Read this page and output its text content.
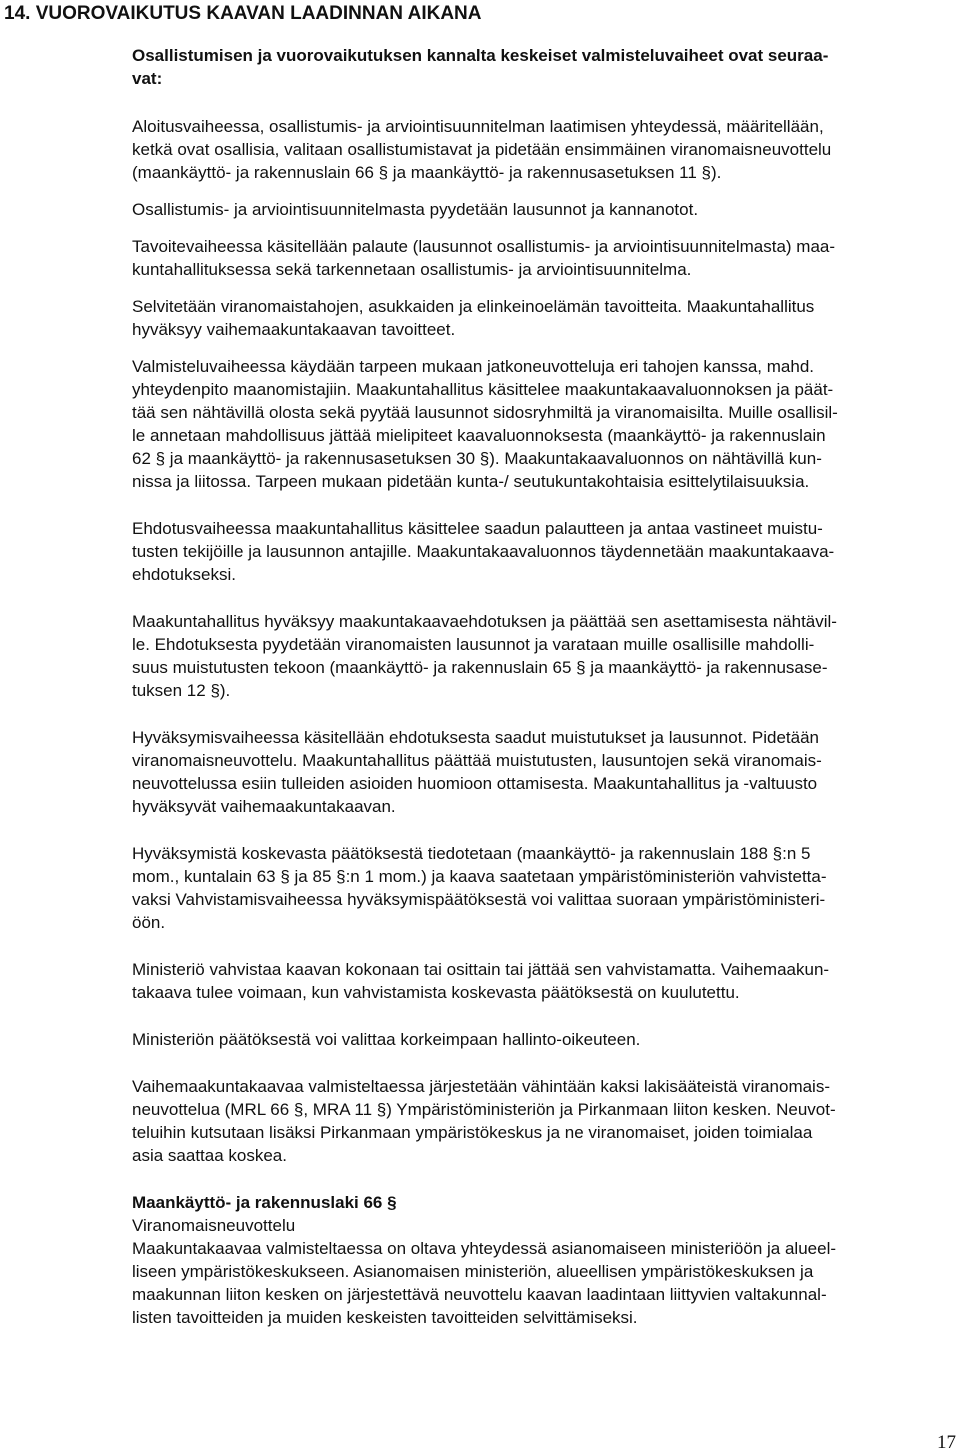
14. VUOROVAIKUTUS KAAVAN LAADINNAN AIKANA
Osallistumisen ja vuorovaikutuksen kannalta keskeiset valmisteluvaiheet ovat seuraa-
vat:

Aloitusvaiheessa, osallistumis- ja arviointisuunnitelman laatimisen yhteydessä, määritellään,
ketkä ovat osallisia, valitaan osallistumistavat ja pidetään ensimmäinen viranomaisneuvottelu
(maankäyttö- ja rakennuslain 66 § ja maankäyttö- ja rakennusasetuksen 11 §).

Osallistumis- ja arviointisuunnitelmasta pyydetään lausunnot ja kannanotot.

Tavoitevaiheessa käsitellään palaute (lausunnot osallistumis- ja arviointisuunnitelmasta) maa-
kuntahallituksessa sekä tarkennetaan osallistumis- ja arviointisuunnitelma.

Selvitetään viranomaistahojen, asukkaiden ja elinkeinoelämän tavoitteita. Maakuntahallitus
hyväksyy vaihemaakuntakaavan tavoitteet.

Valmisteluvaiheessa käydään tarpeen mukaan jatkoneuvotteluja eri tahojen kanssa, mahd.
yhteydenpito maanomistajiin. Maakuntahallitus käsittelee maakuntakaavaluonnoksen ja päät-
tää sen nähtävillä olosta sekä pyytää lausunnot sidosryhmiltä ja viranomaisilta. Muille osallisil-
le annetaan mahdollisuus jättää mielipiteet kaavaluonnoksesta (maankäyttö- ja rakennuslain
62 § ja maankäyttö- ja rakennusasetuksen 30 §). Maakuntakaavaluonnos on nähtävillä kun-
nissa ja liitossa. Tarpeen mukaan pidetään kunta-/ seutukuntakohtaisia esittelytilaisuuksia.

Ehdotusvaiheessa maakuntahallitus käsittelee saadun palautteen ja antaa vastineet muistu-
tusten tekijöille ja lausunnon antajille. Maakuntakaavaluonnos täydennetään maakuntakaava-
ehdotukseksi.

Maakuntahallitus hyväksyy maakuntakaavaehdotuksen ja päättää sen asettamisesta nähtävil-
le. Ehdotuksesta pyydetään viranomaisten lausunnot ja varataan muille osallisille mahdolli-
suus muistutusten tekoon (maankäyttö- ja rakennuslain 65 § ja maankäyttö- ja rakennusase-
tuksen 12 §).

Hyväksymisvaiheessa käsitellään ehdotuksesta saadut muistutukset ja lausunnot. Pidetään
viranomaisneuvottelu. Maakuntahallitus päättää muistutusten, lausuntojen sekä viranomais-
neuvottelussa esiin tulleiden asioiden huomioon ottamisesta. Maakuntahallitus ja -valtuusto
hyväksyvät vaihemaakuntakaavan.

Hyväksymistä koskevasta päätöksestä tiedotetaan (maankäyttö- ja rakennuslain 188 §:n 5
mom., kuntalain 63 § ja 85 §:n 1 mom.) ja kaava saatetaan ympäristöministeriön vahvistetta-
vaksi Vahvistamisvaiheessa hyväksymispäätöksestä voi valittaa suoraan ympäristöministeri-
öön.

Ministeriö vahvistaa kaavan kokonaan tai osittain tai jättää sen vahvistamatta. Vaihemaakun-
takaava tulee voimaan, kun vahvistamista koskevasta päätöksestä on kuulutettu.

Ministeriön päätöksestä voi valittaa korkeimpaan hallinto-oikeuteen.

Vaihemaakuntakaavaa valmisteltaessa järjestetään vähintään kaksi lakisääteistä viranomais-
neuvottelua (MRL 66 §, MRA 11 §) Ympäristöministeriön ja Pirkanmaan liiton kesken. Neuvot-
teluihin kutsutaan lisäksi Pirkanmaan ympäristökeskus ja ne viranomaiset, joiden toimialaa
asia saattaa koskea.

Maankäyttö- ja rakennuslaki 66 §
Viranomaisneuvottelu
Maakuntakaavaa valmisteltaessa on oltava yhteydessä asianomaiseen ministeriöön ja alueel-
liseen ympäristökeskukseen. Asianomaisen ministeriön, alueellisen ympäristökeskuksen ja
maakunnan liiton kesken on järjestettävä neuvottelu kaavan laadintaan liittyvien valtakunnal-
listen tavoitteiden ja muiden keskeisten tavoitteiden selvittämiseksi.
17
